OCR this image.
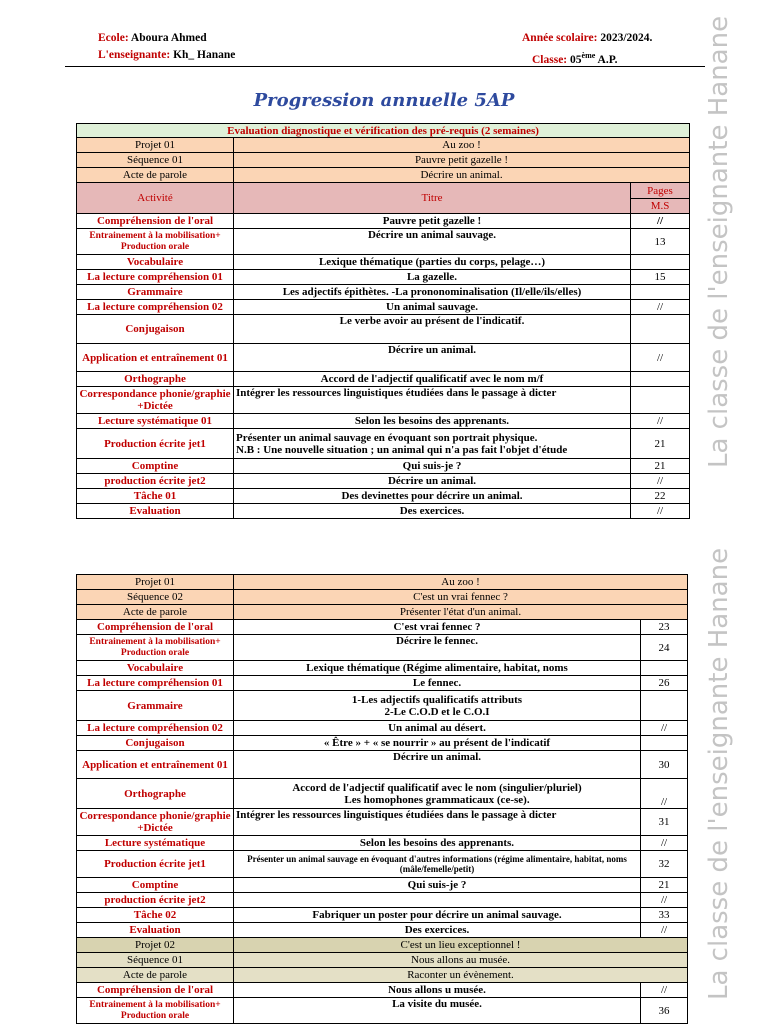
Ecole: Aboura Ahmed
L'enseignante: Kh_ Hanane
Année scolaire: 2023/2024.
Classe: 05ème A.P.
Progression annuelle 5AP	La classe de l'enseignante Hanane
La classe de l'enseignante Hanane
Evaluation diagnostique et vérification des pré-requis (2 semaines)		
Projet 01	Au zoo !	
Séquence 01	Pauvre petit gazelle !	
Acte de parole	Décrire un animal.	
Activité	Titre	Pages
		M.S
Compréhension de l'oral	Pauvre petit gazelle !	//
Entrainement à la mobilisation+ Production orale	Décrire un animal sauvage.	13
Vocabulaire	Lexique thématique (parties du corps, pelage…)	
La lecture compréhension 01	La gazelle.	15
Grammaire	Les adjectifs épithètes. -La prononominalisation (Il/elle/ils/elles)	
La lecture compréhension 02	Un animal sauvage.	//
Conjugaison	Le verbe avoir au présent de l'indicatif.	
Application et entraînement 01	Décrire un animal.	//
Orthographe	Accord de l'adjectif qualificatif avec le nom m/f	
Correspondance phonie/graphie +Dictée	Intégrer les ressources linguistiques étudiées dans le passage à dicter	
Lecture systématique 01	Selon les besoins des apprenants.	//
Production écrite jet1	Présenter un animal sauvage en évoquant son portrait physique.
N.B : Une nouvelle situation ; un animal qui n'a pas fait l'objet d'étude	21
Comptine	Qui suis-je ?	21
production écrite jet2	Décrire un animal.	//
Tâche 01	Des devinettes pour décrire un animal.	22
Evaluation	Des exercices.	//
Projet 01	Au zoo !	
Séquence 02	C'est un vrai fennec ?	
Acte de parole	Présenter l'état d'un animal.	
Compréhension de l'oral	C'est vrai fennec ?	23
Entrainement à la mobilisation+ Production orale	Décrire le fennec.	24
Vocabulaire	Lexique thématique (Régime alimentaire, habitat, noms	
La lecture compréhension 01	Le fennec.	26
Grammaire	1-Les adjectifs qualificatifs attributs
2-Le C.O.D et le C.O.I	

La lecture compréhension 02	Un animal au désert.	//
Conjugaison	« Être » + « se nourrir » au présent de l'indicatif	
Application et entraînement 01	Décrire un animal.	30
Orthographe	Accord de l'adjectif qualificatif avec le nom (singulier/pluriel)
Les homophones grammaticaux (ce-se).	//
Correspondance phonie/graphie +Dictée	Intégrer les ressources linguistiques étudiées dans le passage à dicter	31
Lecture systématique	Selon les besoins des apprenants.	//
Production écrite jet1	Présenter un animal sauvage en évoquant d'autres informations (régime alimentaire, habitat, noms (mâle/femelle/petit)	32
Comptine	Qui suis-je ?	21
production écrite jet2		//
Tâche 02	Fabriquer un poster pour décrire un animal sauvage.	33
Evaluation	Des exercices.	//
Projet 02	C'est un lieu exceptionnel !	
Séquence 01	Nous allons au musée.	
Acte de parole	Raconter un évènement.	
Compréhension de l'oral	Nous allons u musée.	//
Entrainement à la mobilisation+ Production orale	La visite du musée.	36
